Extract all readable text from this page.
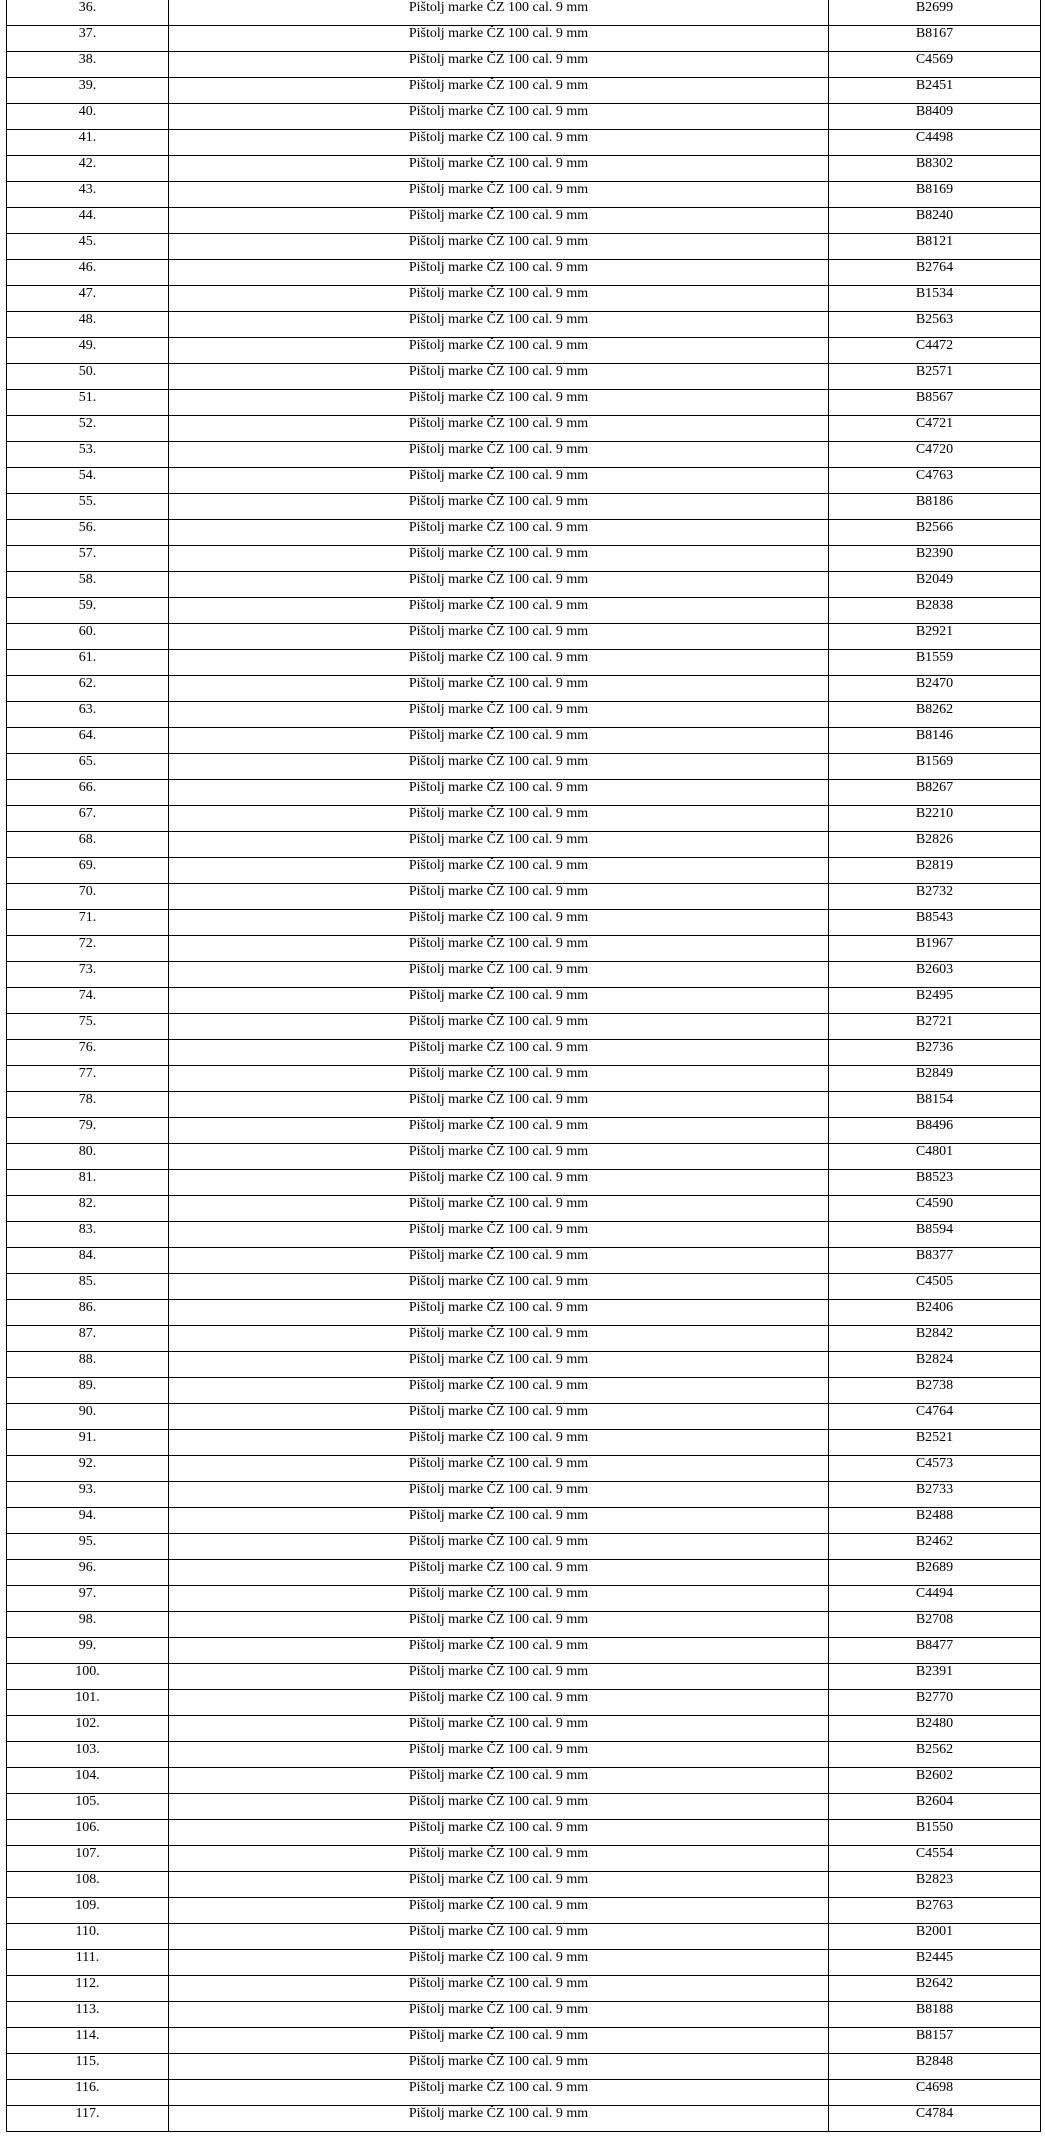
36.	Pištolj marke ČZ 100 cal. 9 mm	B2699
37.	Pištolj marke ČZ 100 cal. 9 mm	B8167
38.	Pištolj marke ČZ 100 cal. 9 mm	C4569
39.	Pištolj marke ČZ 100 cal. 9 mm	B2451
40.	Pištolj marke ČZ 100 cal. 9 mm	B8409
41.	Pištolj marke ČZ 100 cal. 9 mm	C4498
42.	Pištolj marke ČZ 100 cal. 9 mm	B8302
43.	Pištolj marke ČZ 100 cal. 9 mm	B8169
44.	Pištolj marke ČZ 100 cal. 9 mm	B8240
45.	Pištolj marke ČZ 100 cal. 9 mm	B8121
46.	Pištolj marke ČZ 100 cal. 9 mm	B2764
47.	Pištolj marke ČZ 100 cal. 9 mm	B1534
48.	Pištolj marke ČZ 100 cal. 9 mm	B2563
49.	Pištolj marke ČZ 100 cal. 9 mm	C4472
50.	Pištolj marke ČZ 100 cal. 9 mm	B2571
51.	Pištolj marke ČZ 100 cal. 9 mm	B8567
52.	Pištolj marke ČZ 100 cal. 9 mm	C4721
53.	Pištolj marke ČZ 100 cal. 9 mm	C4720
54.	Pištolj marke ČZ 100 cal. 9 mm	C4763
55.	Pištolj marke ČZ 100 cal. 9 mm	B8186
56.	Pištolj marke ČZ 100 cal. 9 mm	B2566
57.	Pištolj marke ČZ 100 cal. 9 mm	B2390
58.	Pištolj marke ČZ 100 cal. 9 mm	B2049
59.	Pištolj marke ČZ 100 cal. 9 mm	B2838
60.	Pištolj marke ČZ 100 cal. 9 mm	B2921
61.	Pištolj marke ČZ 100 cal. 9 mm	B1559
62.	Pištolj marke ČZ 100 cal. 9 mm	B2470
63.	Pištolj marke ČZ 100 cal. 9 mm	B8262
64.	Pištolj marke ČZ 100 cal. 9 mm	B8146
65.	Pištolj marke ČZ 100 cal. 9 mm	B1569
66.	Pištolj marke ČZ 100 cal. 9 mm	B8267
67.	Pištolj marke ČZ 100 cal. 9 mm	B2210
68.	Pištolj marke ČZ 100 cal. 9 mm	B2826
69.	Pištolj marke ČZ 100 cal. 9 mm	B2819
70.	Pištolj marke ČZ 100 cal. 9 mm	B2732
71.	Pištolj marke ČZ 100 cal. 9 mm	B8543
72.	Pištolj marke ČZ 100 cal. 9 mm	B1967
73.	Pištolj marke ČZ 100 cal. 9 mm	B2603
74.	Pištolj marke ČZ 100 cal. 9 mm	B2495
75.	Pištolj marke ČZ 100 cal. 9 mm	B2721
76.	Pištolj marke ČZ 100 cal. 9 mm	B2736
77.	Pištolj marke ČZ 100 cal. 9 mm	B2849
78.	Pištolj marke ČZ 100 cal. 9 mm	B8154
79.	Pištolj marke ČZ 100 cal. 9 mm	B8496
80.	Pištolj marke ČZ 100 cal. 9 mm	C4801
81.	Pištolj marke ČZ 100 cal. 9 mm	B8523
82.	Pištolj marke ČZ 100 cal. 9 mm	C4590
83.	Pištolj marke ČZ 100 cal. 9 mm	B8594
84.	Pištolj marke ČZ 100 cal. 9 mm	B8377
85.	Pištolj marke ČZ 100 cal. 9 mm	C4505
86.	Pištolj marke ČZ 100 cal. 9 mm	B2406
87.	Pištolj marke ČZ 100 cal. 9 mm	B2842
88.	Pištolj marke ČZ 100 cal. 9 mm	B2824
89.	Pištolj marke ČZ 100 cal. 9 mm	B2738
90.	Pištolj marke ČZ 100 cal. 9 mm	C4764
91.	Pištolj marke ČZ 100 cal. 9 mm	B2521
92.	Pištolj marke ČZ 100 cal. 9 mm	C4573
93.	Pištolj marke ČZ 100 cal. 9 mm	B2733
94.	Pištolj marke ČZ 100 cal. 9 mm	B2488
95.	Pištolj marke ČZ 100 cal. 9 mm	B2462
96.	Pištolj marke ČZ 100 cal. 9 mm	B2689
97.	Pištolj marke ČZ 100 cal. 9 mm	C4494
98.	Pištolj marke ČZ 100 cal. 9 mm	B2708
99.	Pištolj marke ČZ 100 cal. 9 mm	B8477
100.	Pištolj marke ČZ 100 cal. 9 mm	B2391
101.	Pištolj marke ČZ 100 cal. 9 mm	B2770
102.	Pištolj marke ČZ 100 cal. 9 mm	B2480
103.	Pištolj marke ČZ 100 cal. 9 mm	B2562
104.	Pištolj marke ČZ 100 cal. 9 mm	B2602
105.	Pištolj marke ČZ 100 cal. 9 mm	B2604
106.	Pištolj marke ČZ 100 cal. 9 mm	B1550
107.	Pištolj marke ČZ 100 cal. 9 mm	C4554
108.	Pištolj marke ČZ 100 cal. 9 mm	B2823
109.	Pištolj marke ČZ 100 cal. 9 mm	B2763
110.	Pištolj marke ČZ 100 cal. 9 mm	B2001
111.	Pištolj marke ČZ 100 cal. 9 mm	B2445
112.	Pištolj marke ČZ 100 cal. 9 mm	B2642
113.	Pištolj marke ČZ 100 cal. 9 mm	B8188
114.	Pištolj marke ČZ 100 cal. 9 mm	B8157
115.	Pištolj marke ČZ 100 cal. 9 mm	B2848
116.	Pištolj marke ČZ 100 cal. 9 mm	C4698
117.	Pištolj marke ČZ 100 cal. 9 mm	C4784
